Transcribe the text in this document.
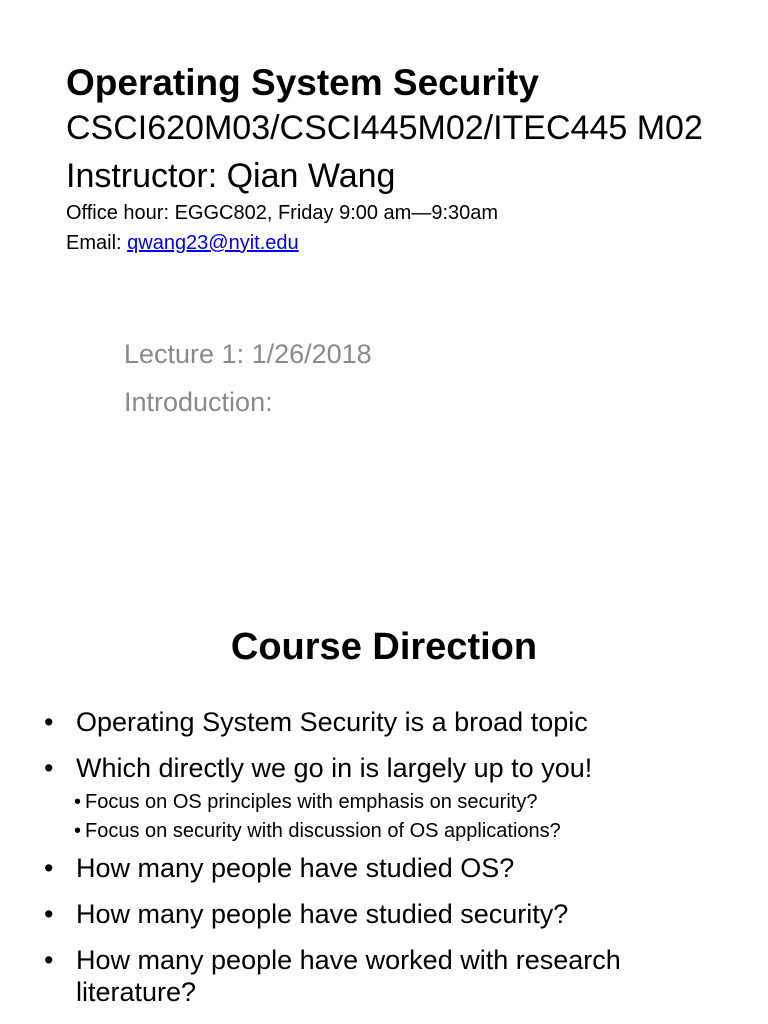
Operating System Security

CSCI620M03/CSCI445M02/ITEC445 M02

Instructor: Qian Wang

Office hour: EGGC802, Friday 9:00 am—9:30am

Email: qwang23@nyit.edu

Lecture 1: 1/26/2018

Introduction:

Course Direction
• Operating System Security is a broad topic
• Which directly we go in is largely up to you!
• Focus on OS principles with emphasis on security?
• Focus on security with discussion of OS applications?
• How many people have studied OS?
• How many people have studied security?
• How many people have worked with research literature?
